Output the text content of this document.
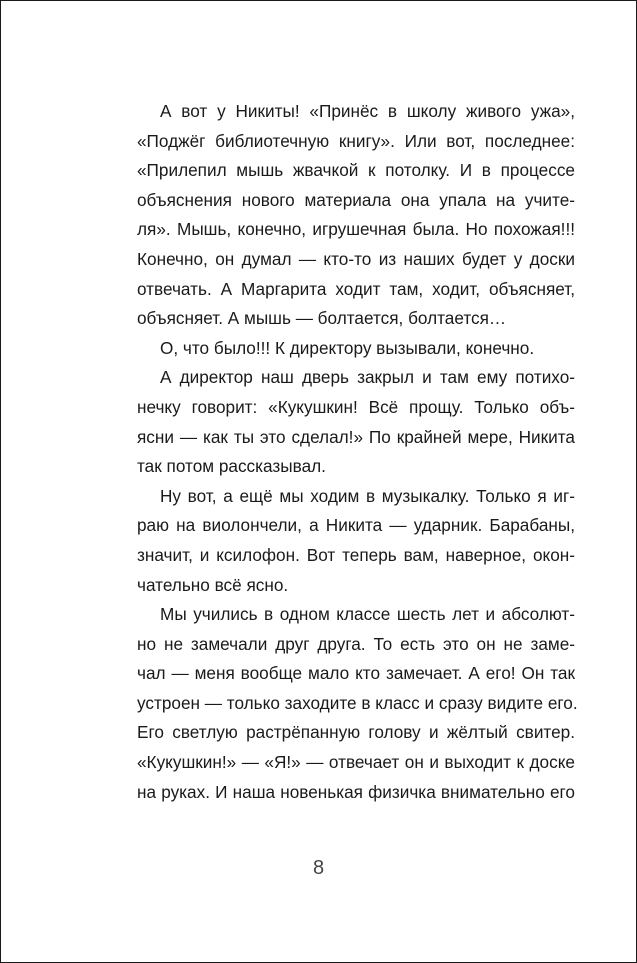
А вот у Никиты! «Принёс в школу живого ужа»,
«Поджёг библиотечную книгу». Или вот, последнее:
«Прилепил мышь жвачкой к потолку. И в процессе
объяснения нового материала она упала на учите-
ля». Мышь, конечно, игрушечная была. Но похожая!!!
Конечно, он думал — кто-то из наших будет у доски
отвечать. А Маргарита ходит там, ходит, объясняет,
объясняет. А мышь — болтается, болтается…
О, что было!!! К директору вызывали, конечно.
А директор наш дверь закрыл и там ему потихо-
нечку говорит: «Кукушкин! Всё прощу. Только объ-
ясни — как ты это сделал!» По крайней мере, Никита
так потом рассказывал.
Ну вот, а ещё мы ходим в музыкалку. Только я иг-
раю на виолончели, а Никита — ударник. Барабаны,
значит, и ксилофон. Вот теперь вам, наверное, окон-
чательно всё ясно.
Мы учились в одном классе шесть лет и абсолют-
но не замечали друг друга. То есть это он не заме-
чал — меня вообще мало кто замечает. А его! Он так
устроен — только заходите в класс и сразу видите его.
Его светлую растрёпанную голову и жёлтый свитер.
«Кукушкин!» — «Я!» — отвечает он и выходит к доске
на руках. И наша новенькая физичка внимательно его
8
